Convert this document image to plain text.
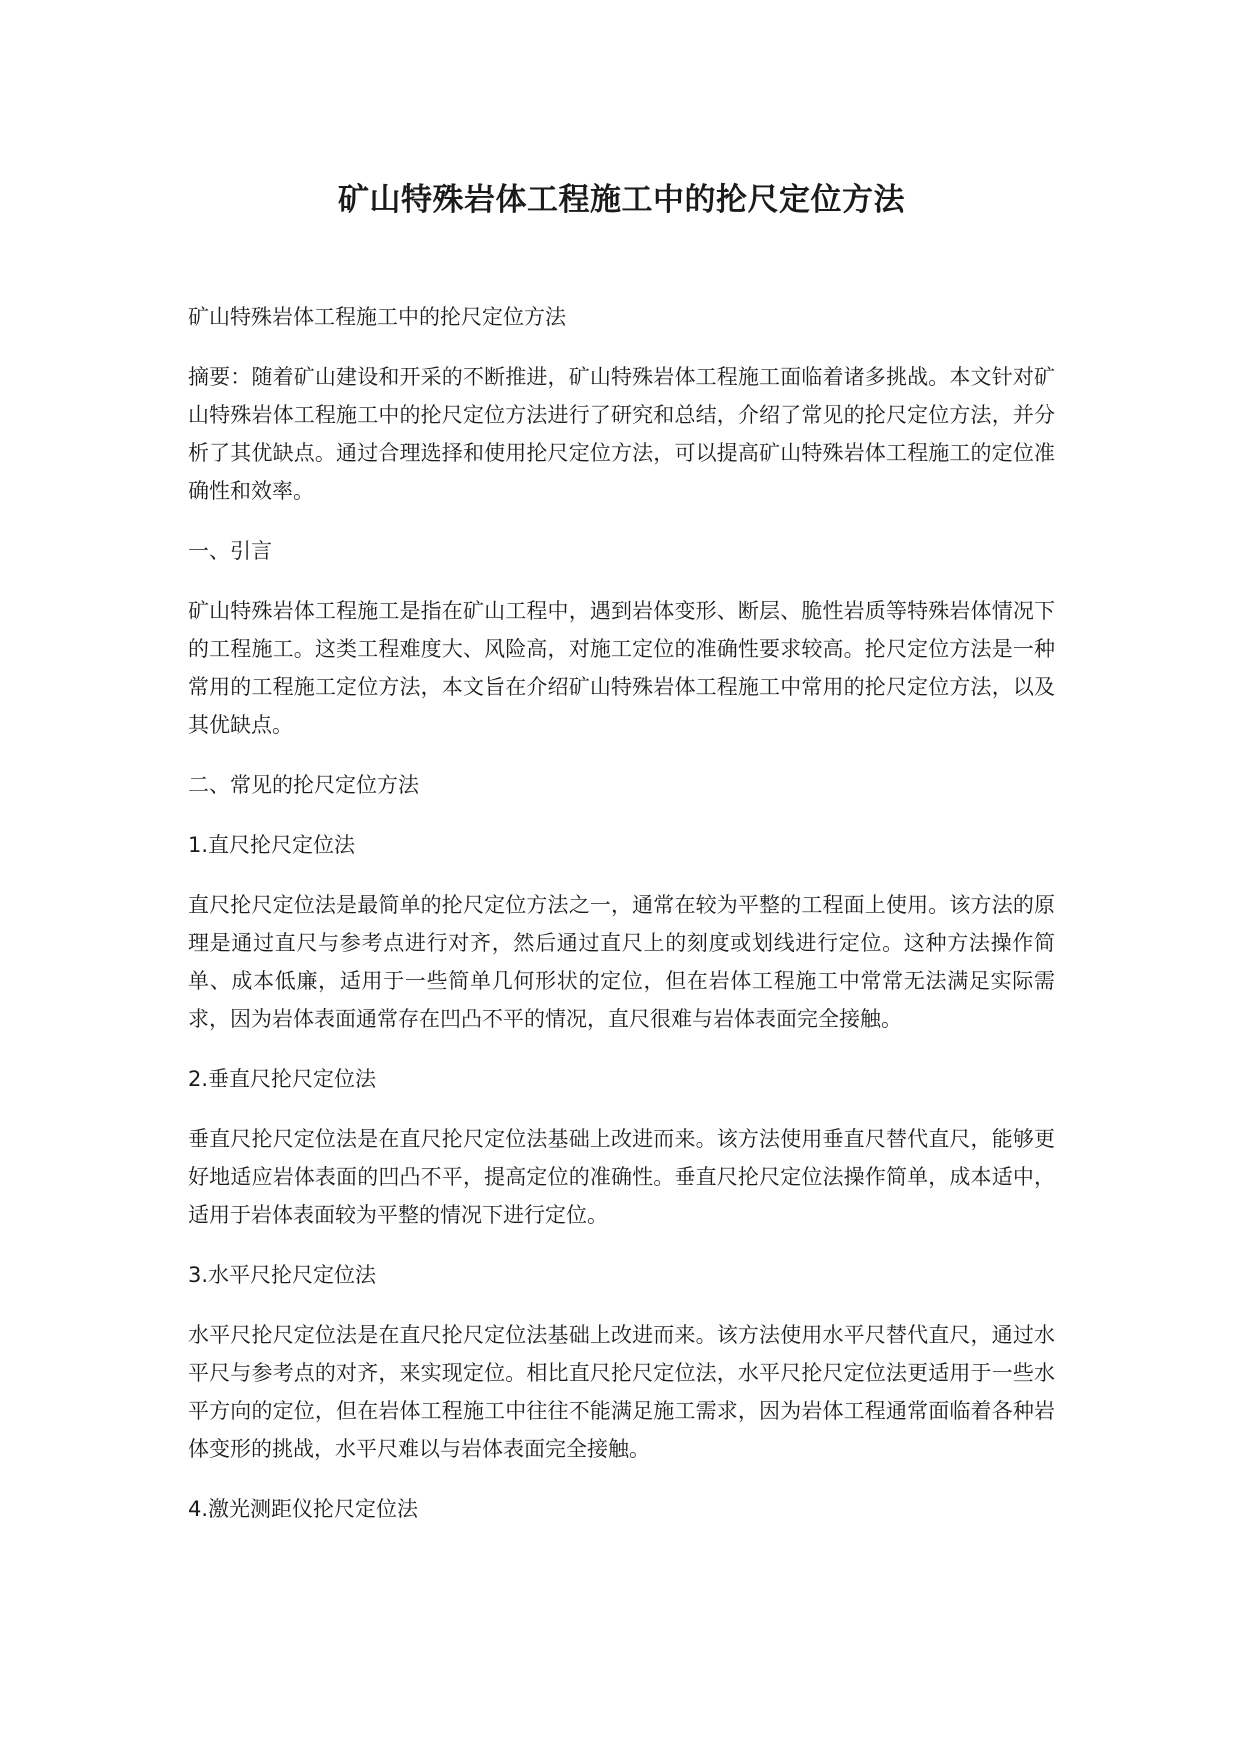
矿山特殊岩体工程施工中的抡尺定位方法

矿山特殊岩体工程施工中的抡尺定位方法

摘要：随着矿山建设和开采的不断推进，矿山特殊岩体工程施工面临着诸多挑战。本文针对矿山特殊岩体工程施工中的抡尺定位方法进行了研究和总结，介绍了常见的抡尺定位方法，并分析了其优缺点。通过合理选择和使用抡尺定位方法，可以提高矿山特殊岩体工程施工的定位准确性和效率。

一、引言

矿山特殊岩体工程施工是指在矿山工程中，遇到岩体变形、断层、脆性岩质等特殊岩体情况下的工程施工。这类工程难度大、风险高，对施工定位的准确性要求较高。抡尺定位方法是一种常用的工程施工定位方法，本文旨在介绍矿山特殊岩体工程施工中常用的抡尺定位方法，以及其优缺点。

二、常见的抡尺定位方法

1.直尺抡尺定位法

直尺抡尺定位法是最简单的抡尺定位方法之一，通常在较为平整的工程面上使用。该方法的原理是通过直尺与参考点进行对齐，然后通过直尺上的刻度或划线进行定位。这种方法操作简单、成本低廉，适用于一些简单几何形状的定位，但在岩体工程施工中常常无法满足实际需求，因为岩体表面通常存在凹凸不平的情况，直尺很难与岩体表面完全接触。

2.垂直尺抡尺定位法

垂直尺抡尺定位法是在直尺抡尺定位法基础上改进而来。该方法使用垂直尺替代直尺，能够更好地适应岩体表面的凹凸不平，提高定位的准确性。垂直尺抡尺定位法操作简单，成本适中，适用于岩体表面较为平整的情况下进行定位。

3.水平尺抡尺定位法

水平尺抡尺定位法是在直尺抡尺定位法基础上改进而来。该方法使用水平尺替代直尺，通过水平尺与参考点的对齐，来实现定位。相比直尺抡尺定位法，水平尺抡尺定位法更适用于一些水平方向的定位，但在岩体工程施工中往往不能满足施工需求，因为岩体工程通常面临着各种岩体变形的挑战，水平尺难以与岩体表面完全接触。

4.激光测距仪抡尺定位法
